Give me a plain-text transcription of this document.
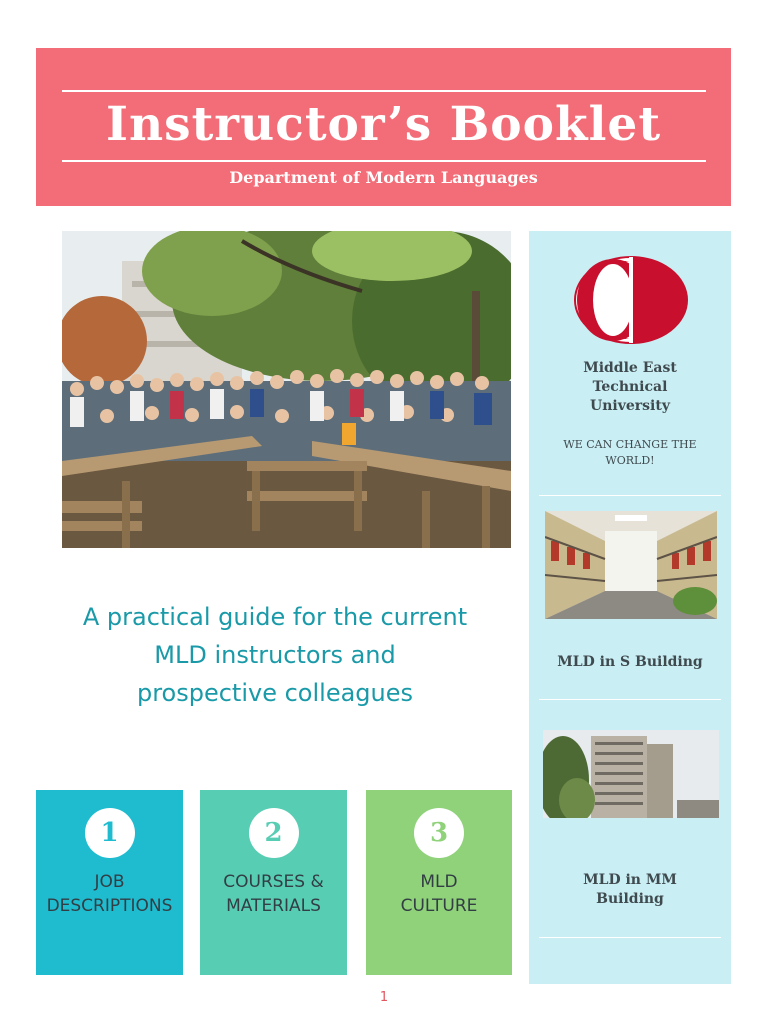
Instructor’s Booklet
Department of Modern Languages
A practical guide for the current
MLD instructors and
prospective colleagues
1
JOB
DESCRIPTIONS
2
COURSES &
MATERIALS
3
MLD
CULTURE
Middle East
Technical
University
WE CAN CHANGE THE WORLD!
MLD in S Building
MLD in MM
Building
1
